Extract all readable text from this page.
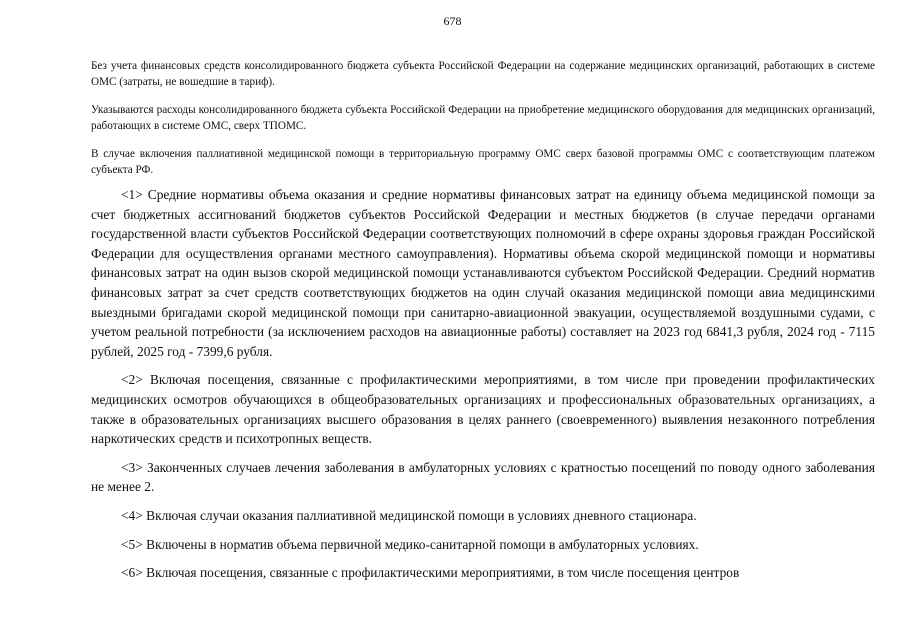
678

Без учета финансовых средств консолидированного бюджета субъекта Российской Федерации на содержание медицинских организаций, работающих в системе ОМС (затраты, не вошедшие в тариф).

Указываются расходы консолидированного бюджета субъекта Российской Федерации на приобретение медицинского оборудования для медицинских организаций, работающих в системе ОМС, сверх ТПОМС.

В случае включения паллиативной медицинской помощи в территориальную программу ОМС сверх базовой программы ОМС с соответствующим платежом субъекта РФ.

<1> Средние нормативы объема оказания и средние нормативы финансовых затрат на единицу объема медицинской помощи за счет бюджетных ассигнований бюджетов субъектов Российской Федерации и местных бюджетов (в случае передачи органами государственной власти субъектов Российской Федерации соответствующих полномочий в сфере охраны здоровья граждан Российской Федерации для осуществления органами местного самоуправления). Нормативы объема скорой медицинской помощи и нормативы финансовых затрат на один вызов скорой медицинской помощи устанавливаются субъектом Российской Федерации. Средний норматив финансовых затрат за счет средств соответствующих бюджетов на один случай оказания медицинской помощи авиа медицинскими выездными бригадами скорой медицинской помощи при санитарно-авиационной эвакуации, осуществляемой воздушными судами, с учетом реальной потребности (за исключением расходов на авиационные работы) составляет на 2023 год 6841,3 рубля, 2024 год - 7115 рублей, 2025 год - 7399,6 рубля.

<2> Включая посещения, связанные с профилактическими мероприятиями, в том числе при проведении профилактических медицинских осмотров обучающихся в общеобразовательных организациях и профессиональных образовательных организациях, а также в образовательных организациях высшего образования в целях раннего (своевременного) выявления незаконного потребления наркотических средств и психотропных веществ.

<3> Законченных случаев лечения заболевания в амбулаторных условиях с кратностью посещений по поводу одного заболевания не менее 2.

<4> Включая случаи оказания паллиативной медицинской помощи в условиях дневного стационара.

<5> Включены в норматив объема первичной медико-санитарной помощи в амбулаторных условиях.

<6> Включая посещения, связанные с профилактическими мероприятиями, в том числе посещения центров
